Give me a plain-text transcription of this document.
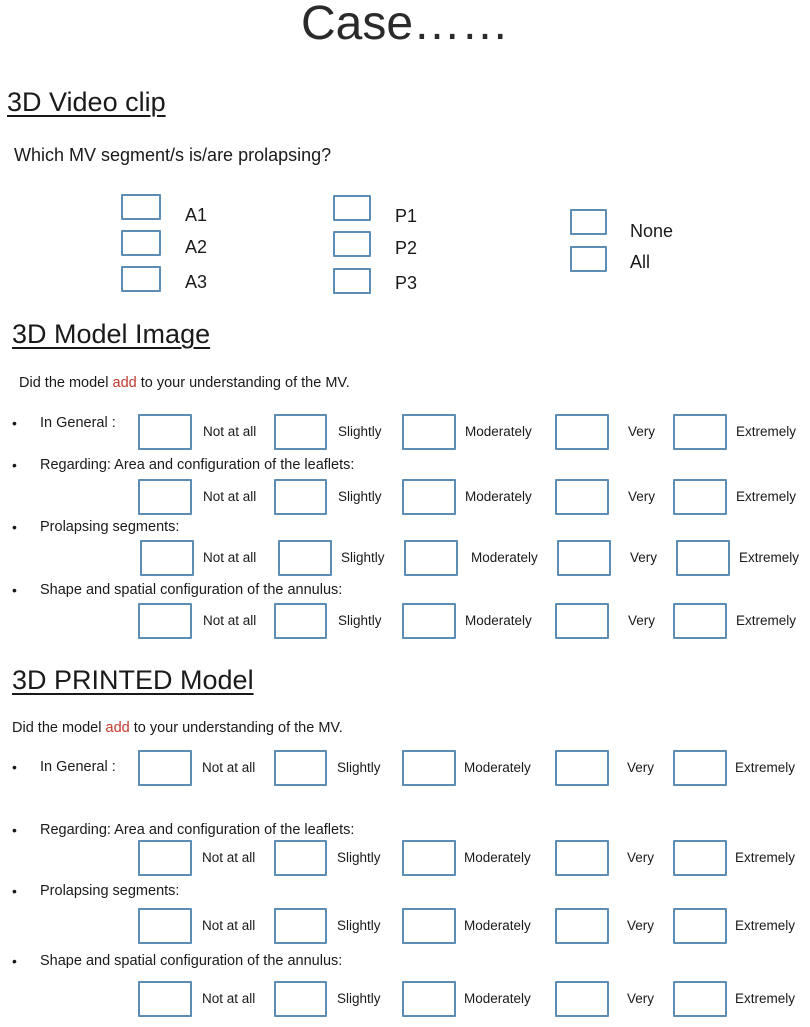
Case……
3D Video clip
Which MV segment/s is/are prolapsing?
A1
A2
A3
P1
P2
P3
None
All
3D Model Image
Did the model add to your understanding of the MV.
• In General :
Not at all	Slightly	Moderately	Very	Extremely
• Regarding: Area and configuration of the leaflets:
Not at all	Slightly	Moderately	Very	Extremely
• Prolapsing segments:
Not at all	Slightly	Moderately	Very	Extremely
• Shape and spatial configuration of the annulus:
Not at all	Slightly	Moderately	Very	Extremely
3D PRINTED Model
Did the model add to your understanding of the MV.
• In General :	Not at all	Slightly	Moderately	Very	Extremely
• Regarding: Area and configuration of the leaflets:
Not at all	Slightly	Moderately	Very	Extremely
• Prolapsing segments:
Not at all	Slightly	Moderately	Very	Extremely
• Shape and spatial configuration of the annulus:
Not at all	Slightly	Moderately	Very	Extremely
